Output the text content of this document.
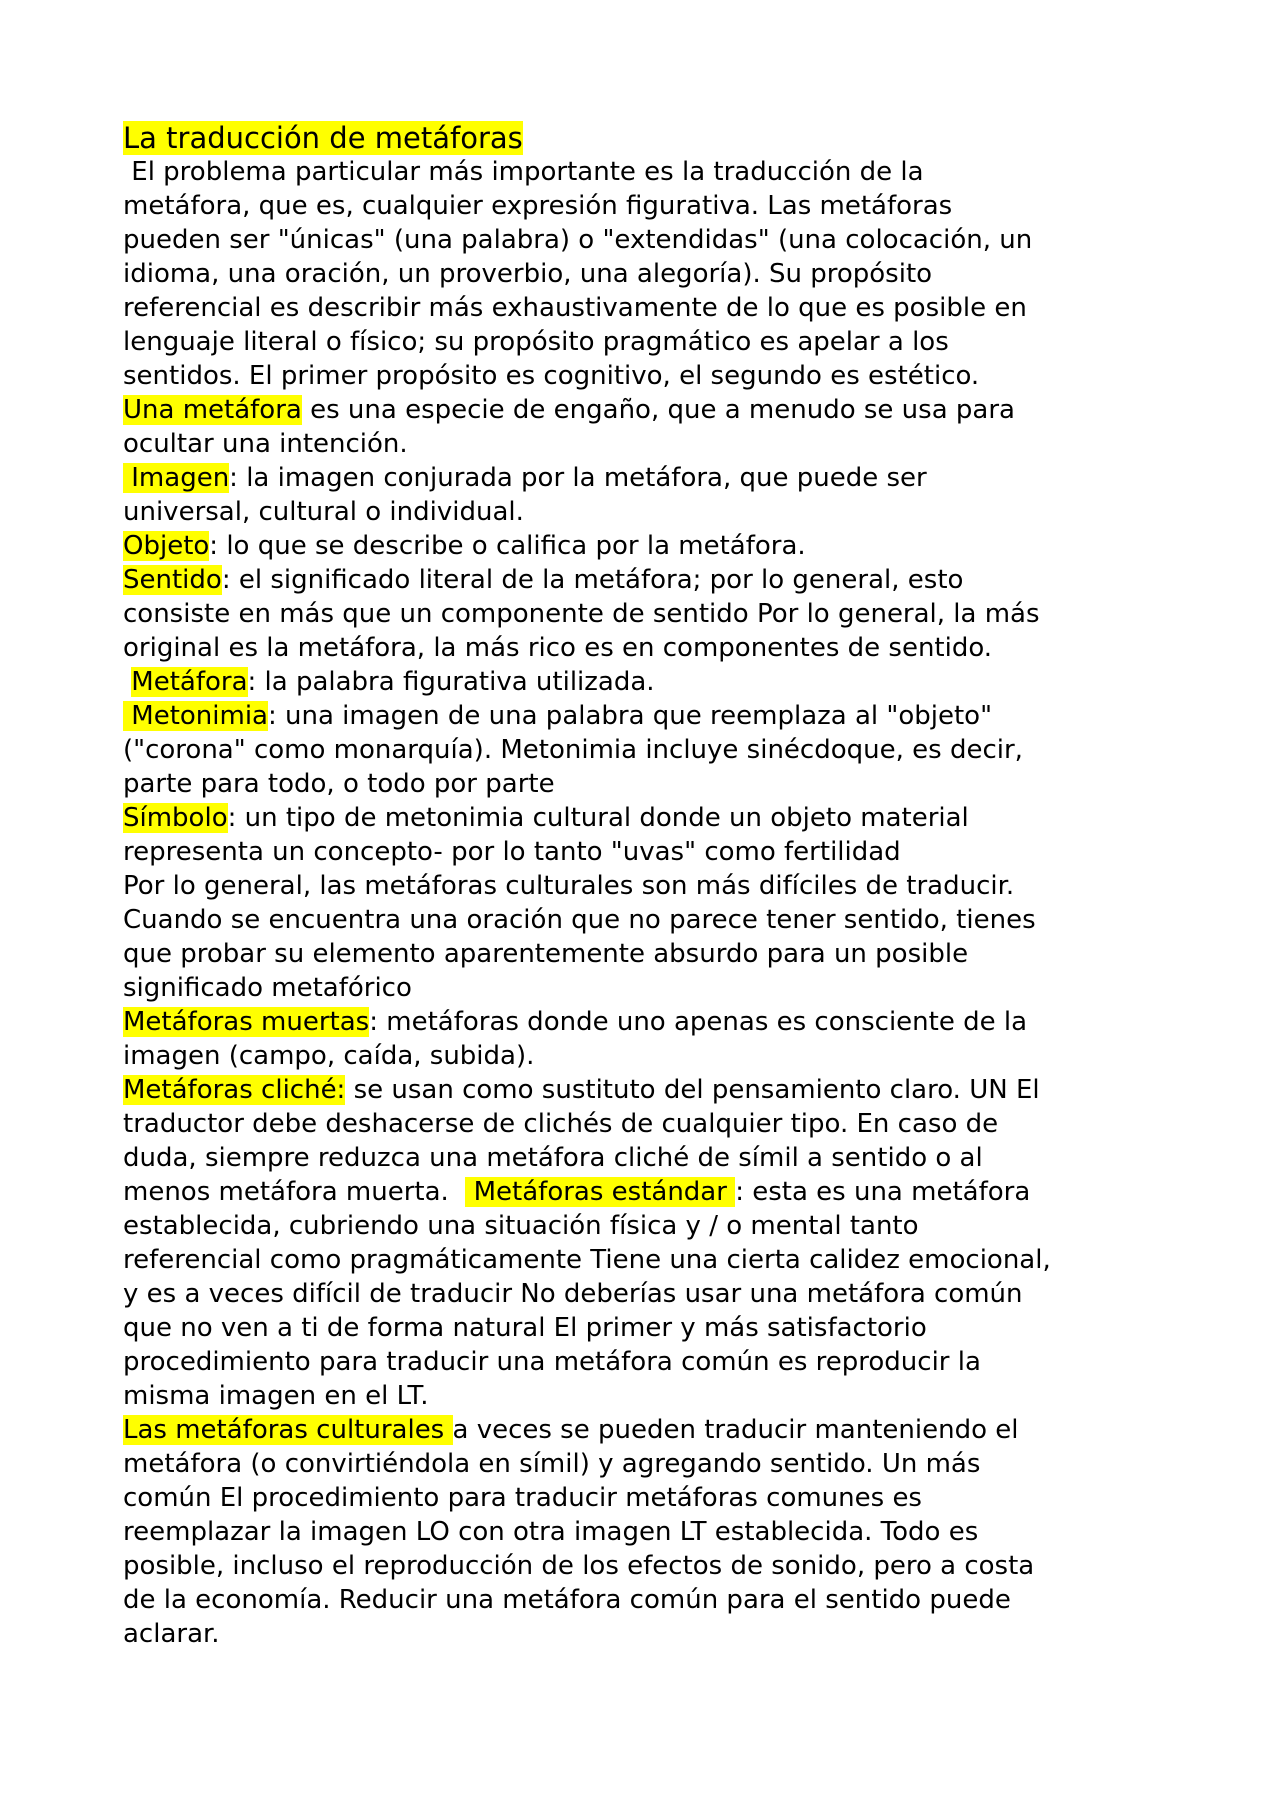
La traducción de metáforas
El problema particular más importante es la traducción de la
metáfora, que es, cualquier expresión figurativa. Las metáforas
pueden ser "únicas" (una palabra) o "extendidas" (una colocación, un
idioma, una oración, un proverbio, una alegoría). Su propósito
referencial es describir más exhaustivamente de lo que es posible en
lenguaje literal o físico; su propósito pragmático es apelar a los
sentidos. El primer propósito es cognitivo, el segundo es estético.
Una metáfora es una especie de engaño, que a menudo se usa para
ocultar una intención.
Imagen: la imagen conjurada por la metáfora, que puede ser
universal, cultural o individual.
Objeto: lo que se describe o califica por la metáfora.
Sentido: el significado literal de la metáfora; por lo general, esto
consiste en más que un componente de sentido Por lo general, la más
original es la metáfora, la más rico es en componentes de sentido.
Metáfora: la palabra figurativa utilizada.
Metonimia: una imagen de una palabra que reemplaza al "objeto"
("corona" como monarquía). Metonimia incluye sinécdoque, es decir,
parte para todo, o todo por parte
Símbolo: un tipo de metonimia cultural donde un objeto material
representa un concepto- por lo tanto "uvas" como fertilidad
Por lo general, las metáforas culturales son más difíciles de traducir.
Cuando se encuentra una oración que no parece tener sentido, tienes
que probar su elemento aparentemente absurdo para un posible
significado metafórico
Metáforas muertas: metáforas donde uno apenas es consciente de la
imagen (campo, caída, subida).
Metáforas cliché: se usan como sustituto del pensamiento claro. UN El
traductor debe deshacerse de clichés de cualquier tipo. En caso de
duda, siempre reduzca una metáfora cliché de símil a sentido o al
menos metáfora muerta.   Metáforas estándar : esta es una metáfora
establecida, cubriendo una situación física y / o mental tanto
referencial como pragmáticamente Tiene una cierta calidez emocional,
y es a veces difícil de traducir No deberías usar una metáfora común
que no ven a ti de forma natural El primer y más satisfactorio
procedimiento para traducir una metáfora común es reproducir la
misma imagen en el LT.
Las metáforas culturales a veces se pueden traducir manteniendo el
metáfora (o convirtiéndola en símil) y agregando sentido. Un más
común El procedimiento para traducir metáforas comunes es
reemplazar la imagen LO con otra imagen LT establecida. Todo es
posible, incluso el reproducción de los efectos de sonido, pero a costa
de la economía. Reducir una metáfora común para el sentido puede
aclarar.
